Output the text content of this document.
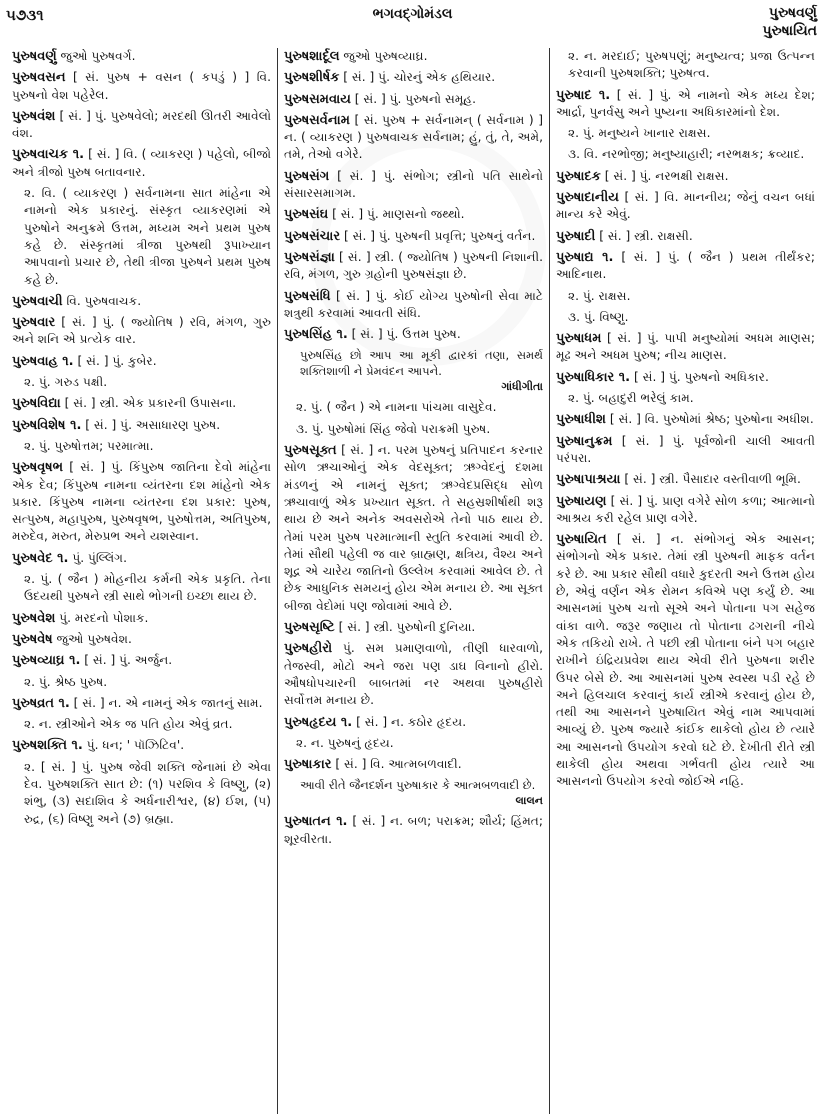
૫૭૩૧	ભગવદ્ગોમંડલ	પુરુષવર્ણુ
પુરુષાયિત

પુરુષવર્ણુ જુઓ પુરુષવર્ગ.

પુરુષવસન [ સં. પુરુષ + વસન ( કપડું ) ] વિ. પુરુષનો વેશ પહેરેલ.

પુરુષવંશ [ સં. ] પું. પુરુષવેલો; મરદથી ઊતરી આવેલો વંશ.

પુરુષવાચક ૧. [ સં. ] વિ. ( વ્યાકરણ ) પહેલો, બીજો અને ત્રીજો પુરુષ બતાવનાર.

૨. વિ. ( વ્યાકરણ ) સર્વનામના સાત માંહેના એ નામનો એક પ્રકારનું. સંસ્કૃત વ્યાકરણમાં એ પુરુષોને અનુક્રમે ઉત્તમ, મધ્યમ અને પ્રથમ પુરુષ કહે છે. સંસ્કૃતમાં ત્રીજા પુરુષથી રૂપાખ્યાન આપવાનો પ્રચાર છે, તેથી ત્રીજા પુરુષને પ્રથમ પુરુષ કહે છે.

પુરુષવાચી વિ. પુરુષવાચક.

પુરુષવાર [ સં. ] પું. ( જ્યોતિષ ) રવિ, મંગળ, ગુરુ અને શનિ એ પ્રત્યેક વાર.

પુરુષવાહ ૧. [ સં. ] પું. કુબેર.

૨. પું. ગરુડ પક્ષી.

પુરુષવિદ્યા [ સં. ] સ્ત્રી. એક પ્રકારની ઉપાસના.

પુરુષવિશેષ ૧. [ સં. ] પું. અસાધારણ પુરુષ.

૨. પું. પુરુષોત્તમ; પરમાત્મા.

પુરુષવૃષભ [ સં. ] પું. કિંપુરુષ જાતિના દેવો માંહેના એક દેવ; કિંપુરુષ નામના વ્યંતરના દશ માંહેનો એક પ્રકાર. કિંપુરુષ નામના વ્યંતરના દશ પ્રકાર: પુરુષ, સત્પુરુષ, મહાપુરુષ, પુરુષવૃષભ, પુરુષોત્તમ, અતિપુરુષ, મરુદેવ, મરુત, મેરુપ્રભ અને યશસ્વાન.

પુરુષવેદ ૧. પું. પુંલ્લિંગ.

૨. પું. ( જૈન ) મોહનીય કર્મની એક પ્રકૃતિ. તેના ઉદયથી પુરુષને સ્ત્રી સાથે ભોગની ઇચ્છા થાય છે.

પુરુષવેશ પું. મરદનો પોશાક.

પુરુષવેષ જુઓ પુરુષવેશ.

પુરુષવ્યાઘ્ર ૧. [ સં. ] પું. અર્જુન.

૨. પું. શ્રેષ્ઠ પુરુષ.

પુરુષવ્રત ૧. [ સં. ] ન. એ નામનું એક જાતનું સામ.

૨. ન. સ્ત્રીઓને એક જ પતિ હોય એવું વ્રત.

પુરુષશક્તિ ૧. પું. ધન; ' પૉઝિટિવ'.

૨. [ સં. ] પું. પુરુષ જેવી શક્તિ જેનામાં છે એવા દેવ. પુરુષશક્તિ સાત છે: (૧) પરશિવ કે વિષ્ણુ, (૨) શંભુ, (૩) સદાશિવ કે અર્ધનારીશ્વર, (૪) ઈશ, (૫) રુદ્ર, (૬) વિષ્ણુ અને (૭) બ્રહ્મા.

પુરુષશાર્દૂલ જુઓ પુરુષવ્યાઘ્ર.

પુરુષશીર્ષક [ સં. ] પું. ચોરનું એક હથિયાર.

પુરુષસમવાય [ સં. ] પું. પુરુષનો સમૂહ.

પુરુષસર્વનામ [ સં. પુરુષ + સર્વનામન્ ( સર્વનામ ) ] ન. ( વ્યાકરણ ) પુરુષવાચક સર્વનામ; હું, તું, તે, અમે, તમે, તેઓ વગેરે.

પુરુષસંગ [ સં. ] પું. સંભોગ; સ્ત્રીનો પતિ સાથેનો સંસારસમાગમ.

પુરુષસંઘ [ સં. ] પું. માણસનો જથ્થો.

પુરુષસંચાર [ સં. ] પું. પુરુષની પ્રવૃત્તિ; પુરુષનું વર્તન.

પુરુષસંજ્ઞા [ સં. ] સ્ત્રી. ( જ્યોતિષ ) પુરુષની નિશાની. રવિ, મંગળ, ગુરુ ગ્રહોની પુરુષસંજ્ઞા છે.

પુરુષસંધિ [ સં. ] પું. કોઈ યોગ્ય પુરુષોની સેવા માટે શત્રુથી કરવામાં આવતી સંધિ.

પુરુષસિંહ ૧. [ સં. ] પું. ઉત્તમ પુરુષ.

પુરુષસિંહ છો આપ આ મૂકી દ્વારકાં તણા, સમર્થ શક્તિશાળી ને પ્રેમવંદન આપને.
ગાંધીગીતા

૨. પું. ( જૈન ) એ નામના પાંચમા વાસુદેવ.

૩. પું. પુરુષોમાં સિંહ જેવો પરાક્રમી પુરુષ.

પુરુષસૂક્ત [ સં. ] ન. પરમ પુરુષનું પ્રતિપાદન કરનાર સોળ ઋચાઓનું એક વેદસૂક્ત; ઋગ્વેદનું દશમા મંડળનું એ નામનું સૂક્ત; ઋગ્વેદપ્રસિદ્ધ સોળ ઋચાવાળું એક પ્રખ્યાત સૂક્ત. તે સહસ્રશીર્ષાથી શરૂ થાય છે અને અનેક અવસરોએ તેનો પાઠ થાય છે. તેમાં પરમ પુરુષ પરમાત્માની સ્તુતિ કરવામાં આવી છે. તેમાં સૌથી પહેલી જ વાર બ્રાહ્મણ, ક્ષત્રિય, વૈશ્ય અને શૂદ્ર એ ચારેય જાતિનો ઉલ્લેખ કરવામાં આવેલ છે. તે છેક આધુનિક સમયનું હોય એમ મનાય છે. આ સૂક્ત બીજા વેદોમાં પણ જોવામાં આવે છે.

પુરુષસૃષ્ટિ [ સં. ] સ્ત્રી. પુરુષોની દુનિયા.

પુરુષહીરો પું. સમ પ્રમાણવાળો, તીણી ધારવાળો, તેજસ્વી, મોટો અને જરા પણ ડાઘ વિનાનો હીરો. ઔષધોપચારની બાબતમાં નર અથવા પુરુષહીરો સર્વોત્તમ મનાય છે.

પુરુષહૃદય ૧. [ સં. ] ન. કઠોર હૃદય.

૨. ન. પુરુષનું હૃદય.

પુરુષાકાર [ સં. ] વિ. આત્મબળવાદી.

આવી રીતે જૈનદર્શન પુરુષાકાર કે આત્મબળવાદી છે.
લાલન

પુરુષાતન ૧. [ સં. ] ન. બળ; પરાક્રમ; શૌર્ય; હિંમત; શૂરવીરતા.

૨. ન. મરદાઈ; પુરુષપણું; મનુષ્યત્વ; પ્રજા ઉત્પન્ન કરવાની પુરુષશક્તિ; પુરુષત્વ.

પુરુષાદ ૧. [ સં. ] પું. એ નામનો એક મધ્ય દેશ; આર્દ્રા, પુનર્વસુ અને પુષ્યના અધિકારમાંનો દેશ.

૨. પું. મનુષ્યને ખાનાર રાક્ષસ.

૩. વિ. નરભોજી; મનુષ્યાહારી; નરભક્ષક; ક્રવ્યાદ.

પુરુષાદક [ સં. ] પું. નરભક્ષી રાક્ષસ.

પુરુષાદાનીય [ સં. ] વિ. માનનીય; જેનું વચન બધાં માન્ય કરે એવું.

પુરુષાદી [ સં. ] સ્ત્રી. રાક્ષસી.

પુરુષાદ્ય ૧. [ સં. ] પું. ( જૈન ) પ્રથમ તીર્થંકર; આદિનાથ.

૨. પું. રાક્ષસ.

૩. પું. વિષ્ણુ.

પુરુષાધમ [ સં. ] પું. પાપી મનુષ્યોમાં અધમ માણસ; મૂઢ અને અધમ પુરુષ; નીચ માણસ.

પુરુષાધિકાર ૧. [ સં. ] પું. પુરુષનો અધિકાર.

૨. પું. બહાદુરી ભરેલું કામ.

પુરુષાધીશ [ સં. ] વિ. પુરુષોમાં શ્રેષ્ઠ; પુરુષોના અધીશ.

પુરુષાનુક્રમ [ સં. ] પું. પૂર્વજોની ચાલી આવતી પરંપરા.

પુરુષાપાશ્રયા [ સં. ] સ્ત્રી. પૈસાદાર વસ્તીવાળી ભૂમિ.

પુરુષાયણ [ સં. ] પું. પ્રાણ વગેરે સોળ કળા; આત્માનો આશ્રય કરી રહેલ પ્રાણ વગેરે.

પુરુષાયિત [ સં. ] ન. સંભોગનું એક આસન; સંભોગનો એક પ્રકાર. તેમાં સ્ત્રી પુરુષની માફક વર્તન કરે છે. આ પ્રકાર સૌથી વધારે કુદરતી અને ઉત્તમ હોય છે, એવું વર્ણન એક રોમન કવિએ પણ કર્યું છે. આ આસનમાં પુરુષ ચત્તો સૂએ અને પોતાના પગ સહેજ વાંકા વાળે. જરૂર જણાય તો પોતાના ઢગરાની નીચે એક તકિયો રાખે. તે પછી સ્ત્રી પોતાના બંને પગ બહાર રાખીને ઇંદ્રિયપ્રવેશ થાય એવી રીતે પુરુષના શરીર ઉપર બેસે છે. આ આસનમાં પુરુષ સ્વસ્થ પડી રહે છે અને હિલચાલ કરવાનું કાર્ય સ્ત્રીએ કરવાનું હોય છે, તથી આ આસનને પુરુષાયિત એવું નામ આપવામાં આવ્યું છે. પુરુષ જ્યારે કાંઈક થાકેલો હોય છે ત્યારે આ આસનનો ઉપયોગ કરવો ઘટે છે. દેખીતી રીતે સ્ત્રી થાકેલી હોય અથવા ગર્ભવતી હોય ત્યારે આ આસનનો ઉપયોગ કરવો જોઈએ નહિ.
